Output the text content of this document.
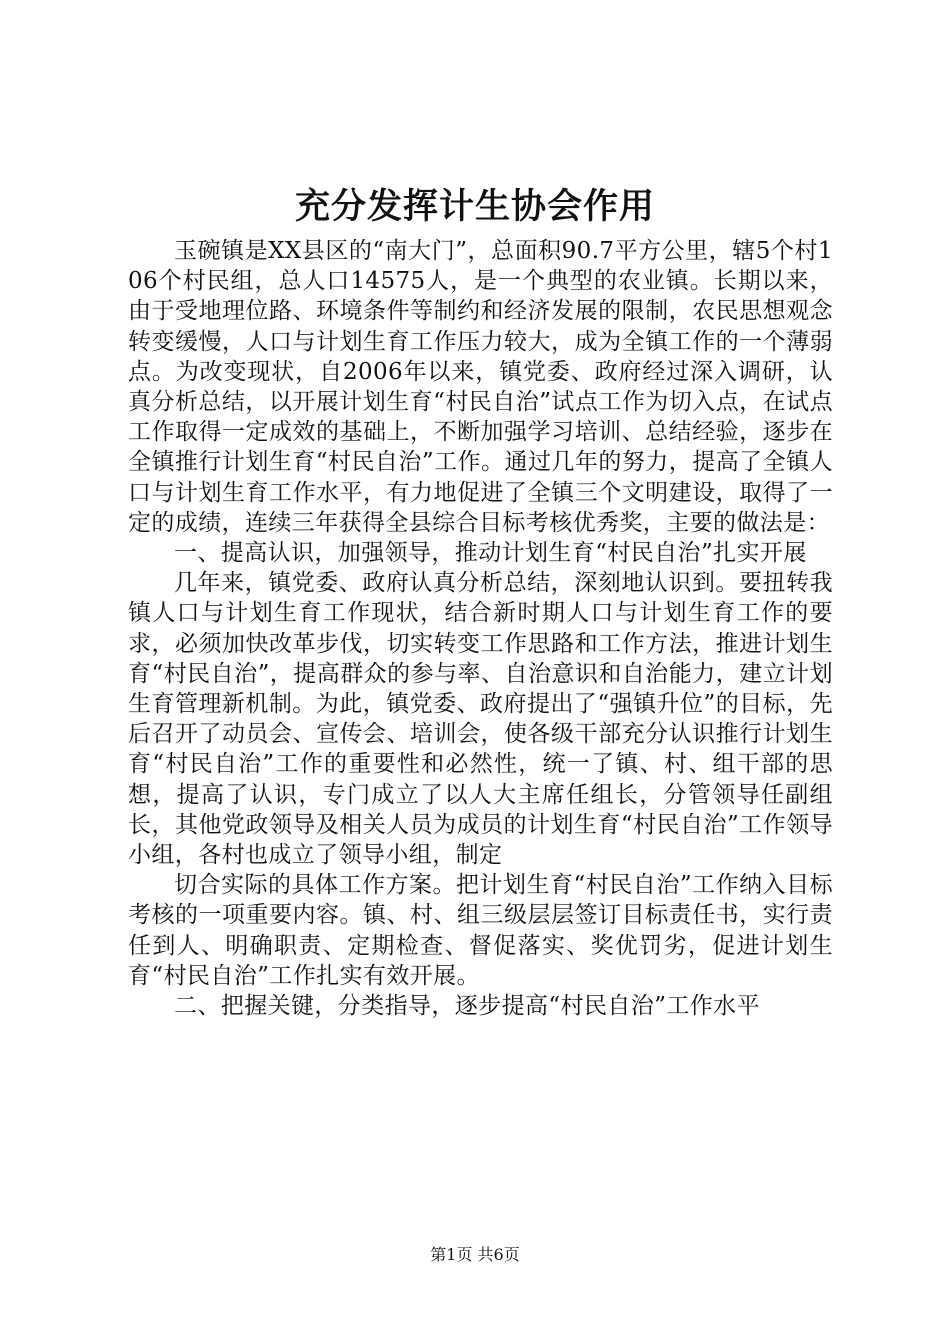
充分发挥计生协会作用

玉碗镇是XX县区的“南大门”，总面积90.7平方公里，辖5个村106个村民组，总人口14575人，是一个典型的农业镇。长期以来，由于受地理位路、环境条件等制约和经济发展的限制，农民思想观念转变缓慢，人口与计划生育工作压力较大，成为全镇工作的一个薄弱点。为改变现状，自2006年以来，镇党委、政府经过深入调研，认真分析总结，以开展计划生育“村民自治”试点工作为切入点，在试点工作取得一定成效的基础上，不断加强学习培训、总结经验，逐步在全镇推行计划生育“村民自治”工作。通过几年的努力，提高了全镇人口与计划生育工作水平，有力地促进了全镇三个文明建设，取得了一定的成绩，连续三年获得全县综合目标考核优秀奖，主要的做法是：

一、提高认识，加强领导，推动计划生育“村民自治”扎实开展

几年来，镇党委、政府认真分析总结，深刻地认识到。要扭转我镇人口与计划生育工作现状，结合新时期人口与计划生育工作的要求，必须加快改革步伐，切实转变工作思路和工作方法，推进计划生育“村民自治”，提高群众的参与率、自治意识和自治能力，建立计划生育管理新机制。为此，镇党委、政府提出了“强镇升位”的目标，先后召开了动员会、宣传会、培训会，使各级干部充分认识推行计划生育“村民自治”工作的重要性和必然性，统一了镇、村、组干部的思想，提高了认识，专门成立了以人大主席任组长，分管领导任副组长，其他党政领导及相关人员为成员的计划生育“村民自治”工作领导小组，各村也成立了领导小组，制定

切合实际的具体工作方案。把计划生育“村民自治”工作纳入目标考核的一项重要内容。镇、村、组三级层层签订目标责任书，实行责任到人、明确职责、定期检查、督促落实、奖优罚劣，促进计划生育“村民自治”工作扎实有效开展。

二、把握关键，分类指导，逐步提高“村民自治”工作水平

第1页 共6页
